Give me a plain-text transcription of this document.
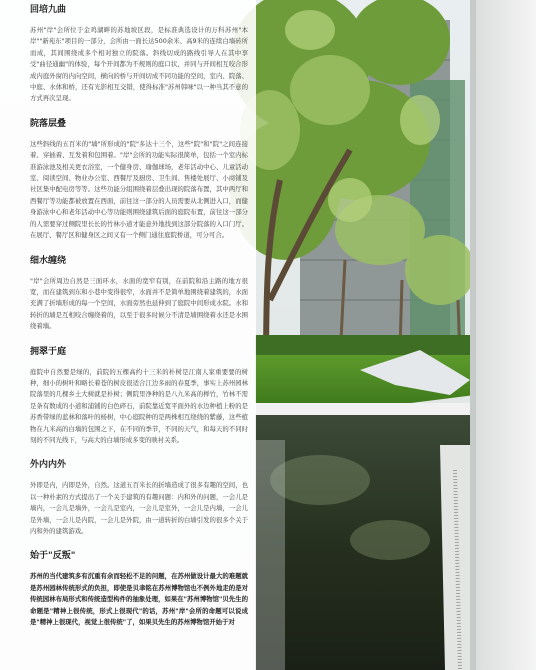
回培九曲
苏州"岸"会所位于金鸡湖畔的苏地坡区段，是标准典选设计的万科苏州"本岸""新苑东"项目的一部分，会所由一面长达500余米、高9米的连续白墙砖所而成，其间围绕成多个相对独立的院落。斜线切成的路线引导人在其中享受"曲径通幽"的体验，每个开间都为不规则的庭口状，并同与开间相互咬合形成内庭外窗的内向空间，横向的桥与开间切成不同功能的空间，室内、院落、中庭、水体和桥，还有光影相互交错，使得标准"苏州韩味"以一种当其不意的方式再次呈现。
院落层叠
这些斜线的五百米的"墙"所形成的"院"多达十三个，这些"院"和"院"之间连接着、穿插着、互发着和包围着。"岸"会所的功能实际很简单，包括一个室内标准游泳池及相关更衣浴室，一个健身房、瑜伽球场，老年活动中心、儿童活动室、阅读空间、物业办公室、西餐厅及厨房、卫生间、售楼处展厅、小商铺及社区集中配电房等等。这些功能分组围绕着层叠出现的院落布置，其中两厅和西餐厅等功能都被放置在西面，前往这一部分的人员需要从北侧进入口，而健身游泳中心和老年活动中心等功能则围绕建筑后面的庭院布置，前往这一部分的人需要穿过侧院里长长的竹林小道才能意外地找到这部分院落的入口门厅。在展厅、餐厅区和健身区之间又有一个侧门通往庭院桥道，可分可合。
细水缠绕
"岸"会所周边自然是三面环水，水面的宽窄有别，在前院和沿主路的地方很宽，而在建筑到东和小巷中变得很窄，水面并不是简单地围绕着建筑的，水面充满了折墙形成的每一个空间，水面旁然也延伸到了庭院中间形成水院。水和转折的墙是互相咬合缠绕着的，以至于很多时候分不清是墙围绕着水还是水围绕着墙。
拥翠于庭
庭院中自然要是绿的，前院的五棵高约十三米的朴树是江南人家重要要的树种，细小的树叶和略长着苍的树皮很适合江边多雨的春夏季，事实上苏州园林院落里的几棵乡土大树就是朴树；侧院里净种的是八九米高的榉竹，竹林不需是条有数成的小道和浦铺的白色碎石，前院靠近宽平面外的水边种植上粉的是苏香带绿的蓝林和落叶的杨树，中心庭院种的是两株相互绕绕的紫藤，这些植物在九米高的白墙的包围之下，在不同的季节，不同的天气，和每天的不同时刻的不同光线下，与高大的白墙形成多变的映衬关系。
外内内外
外即是内，内即是外，自然。这道五百米长的折墙造成了很多有趣的空间，也以一种朴素的方式提出了一个关于建筑的有趣问题：内和外的问题，一会儿是墙内，一会儿是墙外，一会儿是室内，一会儿是室外，一会儿是内墙，一会儿是外墙，一会儿是内院，一会儿是外院，由一道转折的白墙引发的很多个关于内和外的建筑游戏。
始于"反叛"
苏州的当代建筑多有沉重有余而轻松不足的问题，在苏州做设计最大的难题就是苏州园林传统形式的负担，即使是贝聿铭在苏州博物馆也不例外地走的是对传统园林布局形式和传统造型构件的抽象处理，如果在"苏州博物馆"贝先生的命题是"精神上很传统，形式上很现代"的话，苏州"岸"会所的命题可以说成是"精神上很现代，视觉上很传统"了，如果贝先生的苏州博物馆开始于对
